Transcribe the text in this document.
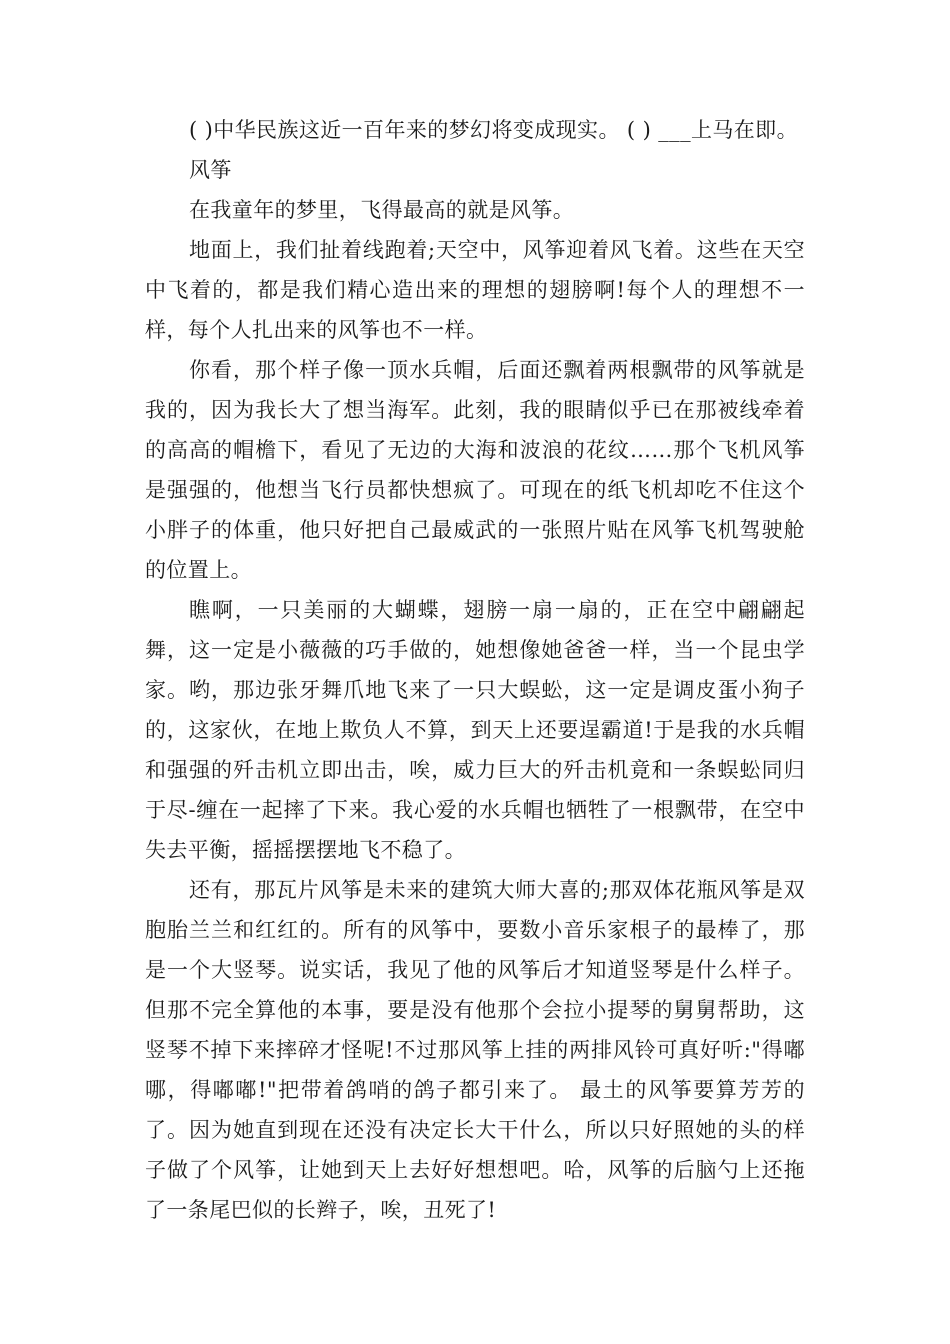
( )中华民族这近一百年来的梦幻将变成现实。 ( ) ___上马在即。

风筝

在我童年的梦里，飞得最高的就是风筝。

地面上，我们扯着线跑着;天空中，风筝迎着风飞着。这些在天空中飞着的，都是我们精心造出来的理想的翅膀啊!每个人的理想不一样，每个人扎出来的风筝也不一样。

你看，那个样子像一顶水兵帽，后面还飘着两根飘带的风筝就是我的，因为我长大了想当海军。此刻，我的眼睛似乎已在那被线牵着的高高的帽檐下，看见了无边的大海和波浪的花纹……那个飞机风筝是强强的，他想当飞行员都快想疯了。可现在的纸飞机却吃不住这个小胖子的体重，他只好把自己最威武的一张照片贴在风筝飞机驾驶舱的位置上。

瞧啊，一只美丽的大蝴蝶，翅膀一扇一扇的，正在空中翩翩起舞，这一定是小薇薇的巧手做的，她想像她爸爸一样，当一个昆虫学家。哟，那边张牙舞爪地飞来了一只大蜈蚣，这一定是调皮蛋小狗子的，这家伙，在地上欺负人不算，到天上还要逞霸道!于是我的水兵帽和强强的歼击机立即出击，唉，威力巨大的歼击机竟和一条蜈蚣同归于尽-缠在一起摔了下来。我心爱的水兵帽也牺牲了一根飘带，在空中失去平衡，摇摇摆摆地飞不稳了。

还有，那瓦片风筝是未来的建筑大师大喜的;那双体花瓶风筝是双胞胎兰兰和红红的。所有的风筝中，要数小音乐家根子的最棒了，那是一个大竖琴。说实话，我见了他的风筝后才知道竖琴是什么样子。但那不完全算他的本事，要是没有他那个会拉小提琴的舅舅帮助，这竖琴不掉下来摔碎才怪呢!不过那风筝上挂的两排风铃可真好听:"得嘟哪，得嘟嘟!"把带着鸽哨的鸽子都引来了。 最土的风筝要算芳芳的了。因为她直到现在还没有决定长大干什么，所以只好照她的头的样子做了个风筝，让她到天上去好好想想吧。哈，风筝的后脑勺上还拖了一条尾巴似的长辫子，唉，丑死了!
